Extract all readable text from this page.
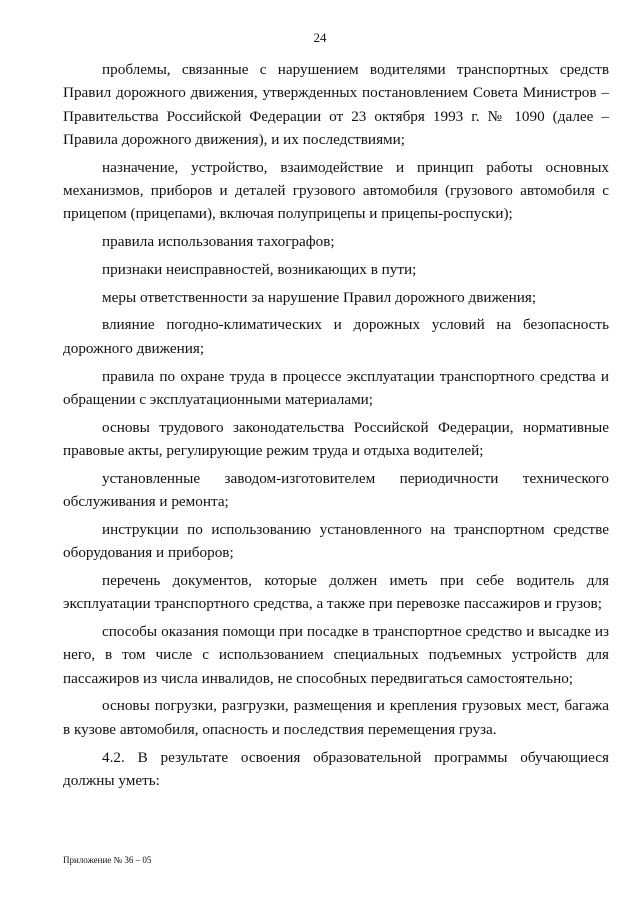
24

проблемы, связанные с нарушением водителями транспортных средств Правил дорожного движения, утвержденных постановлением Совета Министров – Правительства Российской Федерации от 23 октября 1993 г. № 1090 (далее – Правила дорожного движения), и их последствиями;

назначение, устройство, взаимодействие и принцип работы основных механизмов, приборов и деталей грузового автомобиля (грузового автомобиля с прицепом (прицепами), включая полуприцепы и прицепы-роспуски);

правила использования тахографов;

признаки неисправностей, возникающих в пути;

меры ответственности за нарушение Правил дорожного движения;

влияние погодно-климатических и дорожных условий на безопасность дорожного движения;

правила по охране труда в процессе эксплуатации транспортного средства и обращении с эксплуатационными материалами;

основы трудового законодательства Российской Федерации, нормативные правовые акты, регулирующие режим труда и отдыха водителей;

установленные заводом-изготовителем периодичности технического обслуживания и ремонта;

инструкции по использованию установленного на транспортном средстве оборудования и приборов;

перечень документов, которые должен иметь при себе водитель для эксплуатации транспортного средства, а также при перевозке пассажиров и грузов;

способы оказания помощи при посадке в транспортное средство и высадке из него, в том числе с использованием специальных подъемных устройств для пассажиров из числа инвалидов, не способных передвигаться самостоятельно;

основы погрузки, разгрузки, размещения и крепления грузовых мест, багажа в кузове автомобиля, опасность и последствия перемещения груза.

4.2. В результате освоения образовательной программы обучающиеся должны уметь:

Приложение № 36 – 05
